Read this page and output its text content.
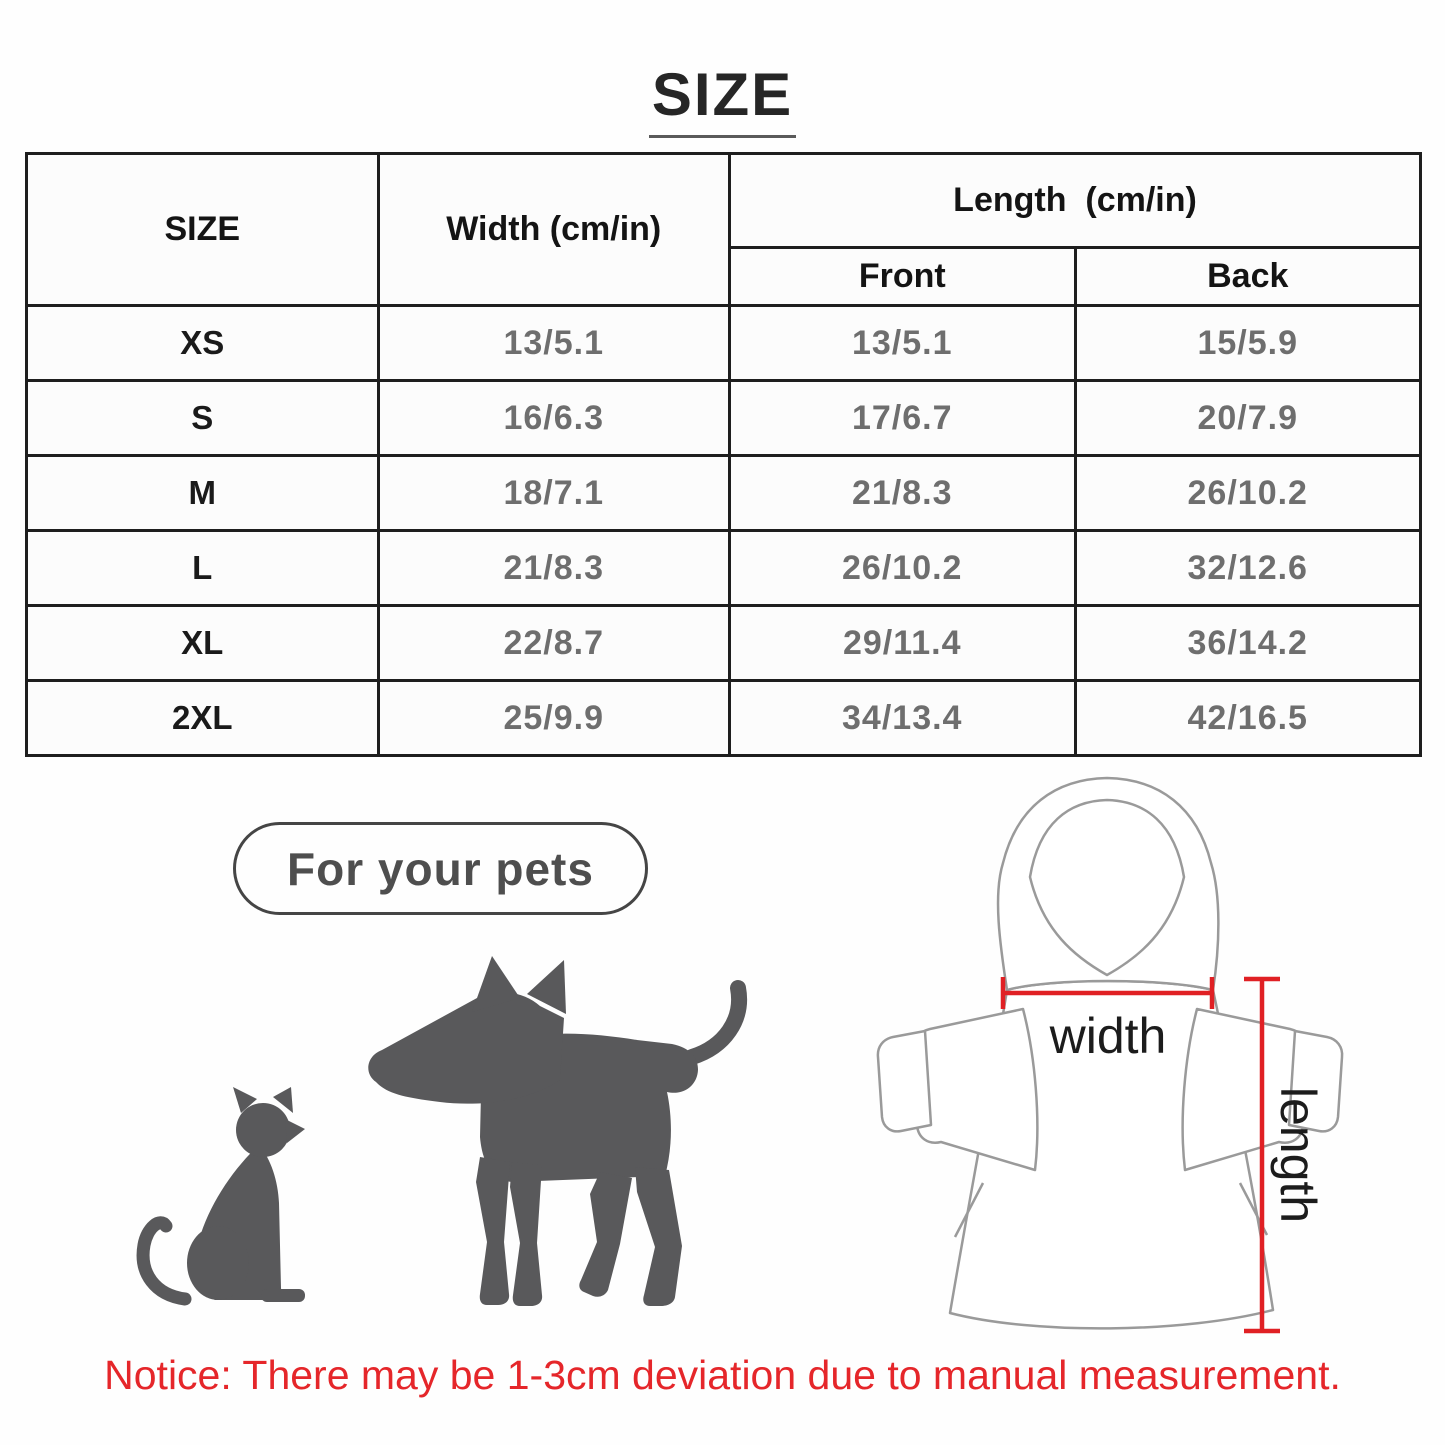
SIZE
SIZE	Width (cm/in)	Length  (cm/in)	
		Front	Back
XS	13/5.1	13/5.1	15/5.9
S	16/6.3	17/6.7	20/7.9
M	18/7.1	21/8.3	26/10.2
L	21/8.3	26/10.2	32/12.6
XL	22/8.7	29/11.4	36/14.2
2XL	25/9.9	34/13.4	42/16.5
For your pets
width
length
Notice: There may be 1-3cm deviation due to manual measurement.
